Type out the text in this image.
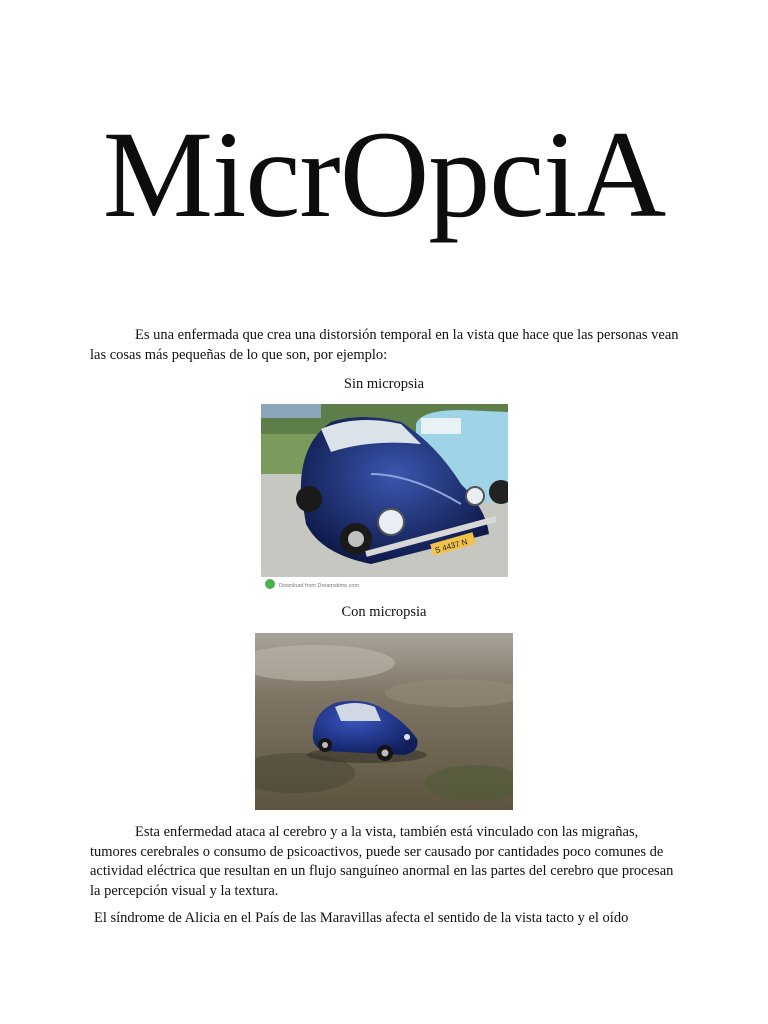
MicrOpciA

Es una enfermada que crea una distorsión temporal en la vista que hace que las personas vean las cosas más pequeñas de lo que son, por ejemplo:

Sin micropsia
S 4437 N
Download from Dreamstime.com
Con micropsia

Esta enfermedad ataca al cerebro y a la vista, también está vinculado con las migrañas, tumores cerebrales o consumo de psicoactivos, puede ser causado por cantidades poco comunes de actividad eléctrica que resultan en un flujo sanguíneo anormal en las partes del cerebro que procesan la percepción visual y la textura.

El síndrome de Alicia en el País de las Maravillas afecta el sentido de la vista tacto y el oído
